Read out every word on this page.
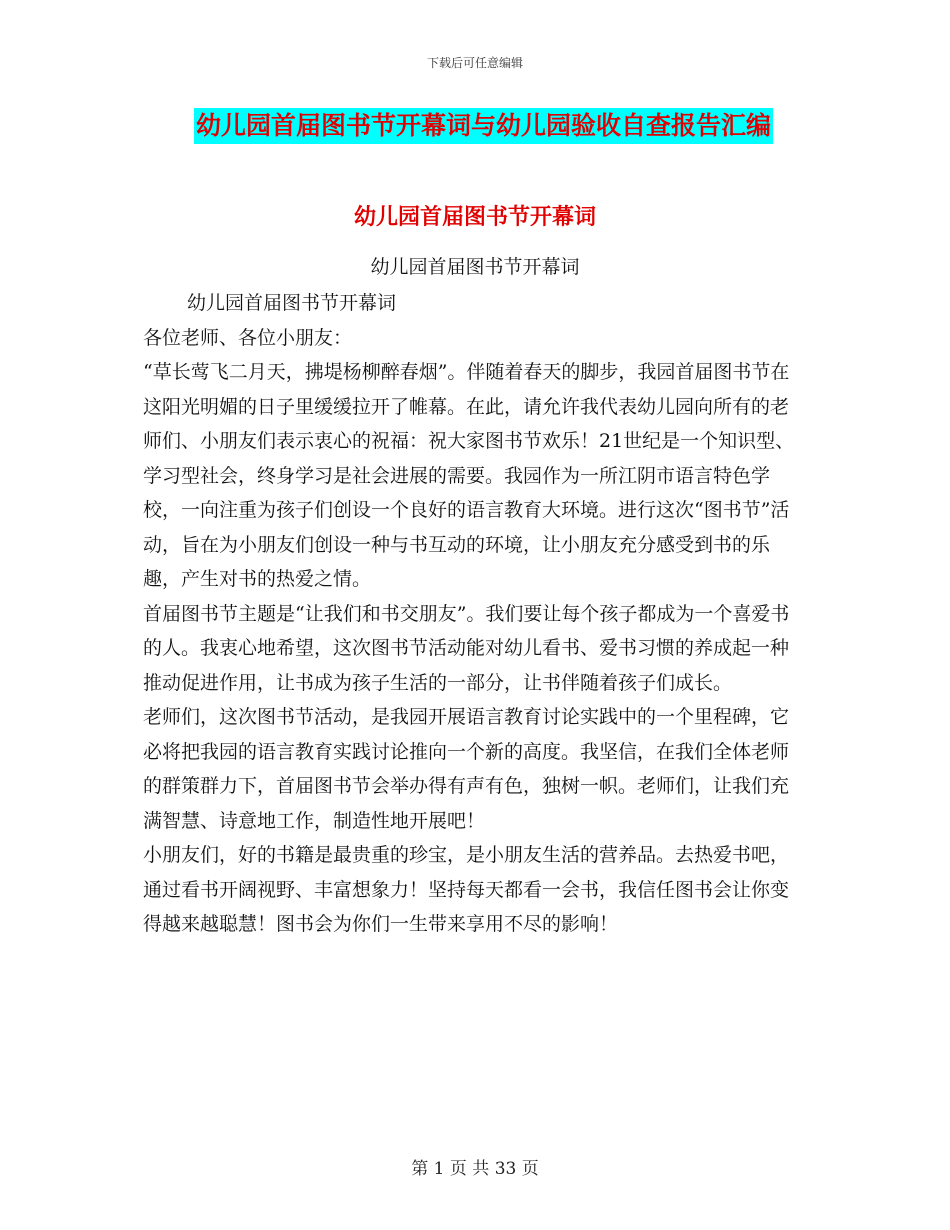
下载后可任意编辑
幼儿园首届图书节开幕词与幼儿园验收自查报告汇编
幼儿园首届图书节开幕词
幼儿园首届图书节开幕词

幼儿园首届图书节开幕词

各位老师、各位小朋友：

“草长莺飞二月天，拂堤杨柳醉春烟”。伴随着春天的脚步，我园首届图书节在这阳光明媚的日子里缓缓拉开了帷幕。在此，请允许我代表幼儿园向所有的老师们、小朋友们表示衷心的祝福：祝大家图书节欢乐！21世纪是一个知识型、学习型社会，终身学习是社会进展的需要。我园作为一所江阴市语言特色学校，一向注重为孩子们创设一个良好的语言教育大环境。进行这次“图书节”活动，旨在为小朋友们创设一种与书互动的环境，让小朋友充分感受到书的乐趣，产生对书的热爱之情。

首届图书节主题是“让我们和书交朋友”。我们要让每个孩子都成为一个喜爱书的人。我衷心地希望，这次图书节活动能对幼儿看书、爱书习惯的养成起一种推动促进作用，让书成为孩子生活的一部分，让书伴随着孩子们成长。

老师们，这次图书节活动，是我园开展语言教育讨论实践中的一个里程碑，它必将把我园的语言教育实践讨论推向一个新的高度。我坚信，在我们全体老师的群策群力下，首届图书节会举办得有声有色，独树一帜。老师们，让我们充满智慧、诗意地工作，制造性地开展吧！

小朋友们，好的书籍是最贵重的珍宝，是小朋友生活的营养品。去热爱书吧，通过看书开阔视野、丰富想象力！坚持每天都看一会书，我信任图书会让你变得越来越聪慧！图书会为你们一生带来享用不尽的影响！

第 1 页 共 33 页
